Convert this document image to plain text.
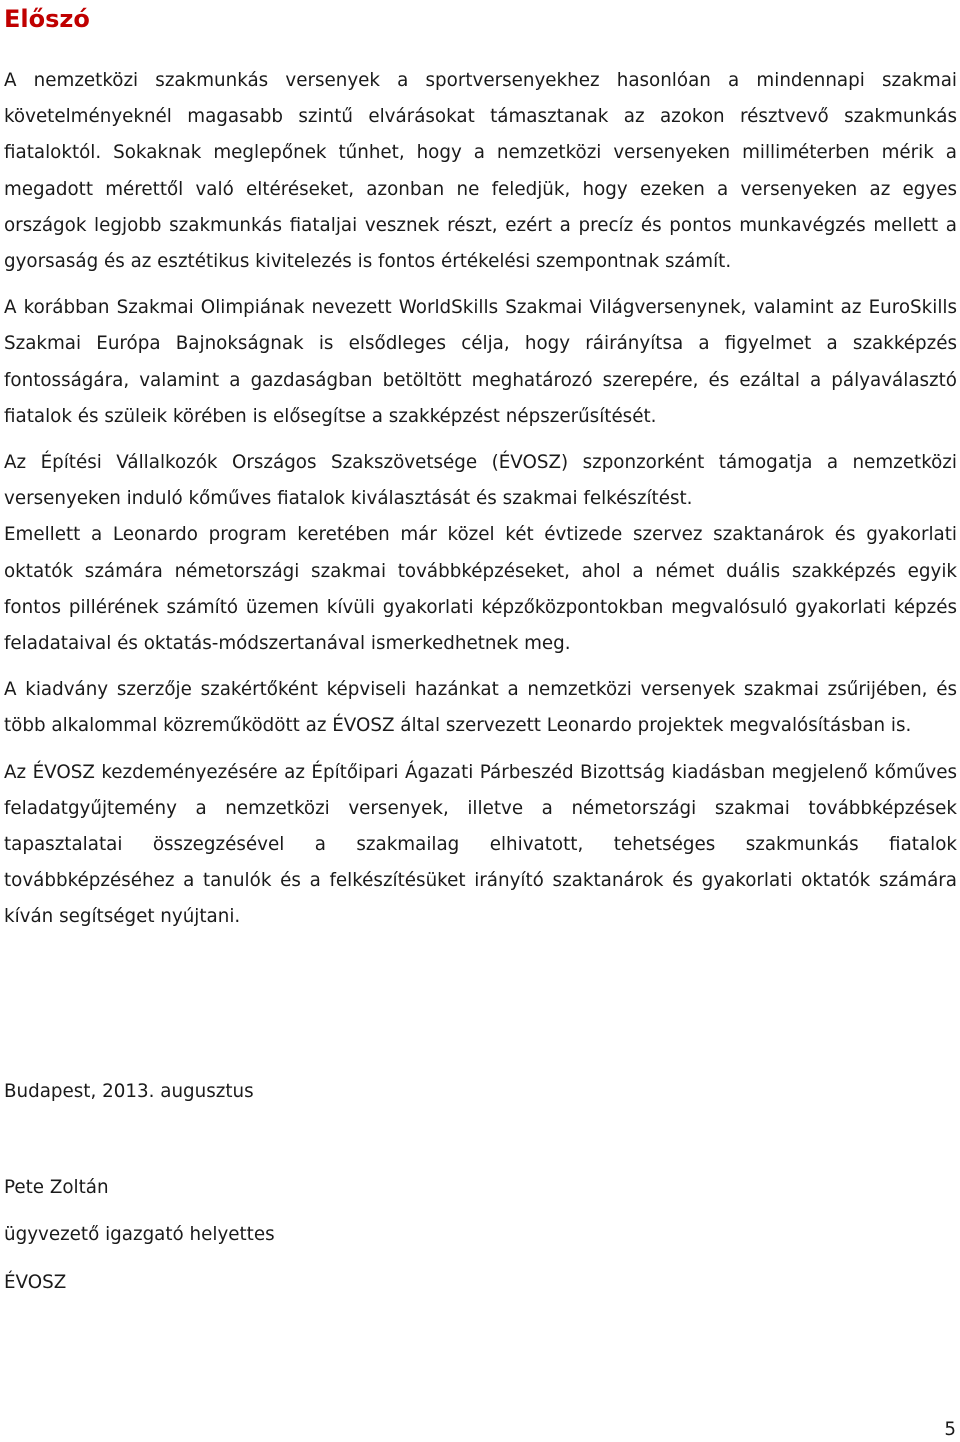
Előszó

A nemzetközi szakmunkás versenyek a sportversenyekhez hasonlóan a mindennapi szakmai követelményeknél magasabb szintű elvárásokat támasztanak az azokon résztvevő szakmunkás fiataloktól. Sokaknak meglepőnek tűnhet, hogy a nemzetközi versenyeken milliméterben mérik a megadott mérettől való eltéréseket, azonban ne feledjük, hogy ezeken a versenyeken az egyes országok legjobb szakmunkás fiataljai vesznek részt, ezért a precíz és pontos munkavégzés mellett a gyorsaság és az esztétikus kivitelezés is fontos értékelési szempontnak számít.

A korábban Szakmai Olimpiának nevezett WorldSkills Szakmai Világversenynek, valamint az EuroSkills Szakmai Európa Bajnokságnak is elsődleges célja, hogy ráirányítsa a figyelmet a szakképzés fontosságára, valamint a gazdaságban betöltött meghatározó szerepére, és ezáltal a pályaválasztó fiatalok és szüleik körében is elősegítse a szakképzést népszerűsítését.

Az Építési Vállalkozók Országos Szakszövetsége (ÉVOSZ) szponzorként támogatja a nemzetközi versenyeken induló kőműves fiatalok kiválasztását és szakmai felkészítést.

Emellett a Leonardo program keretében már közel két évtizede szervez szaktanárok és gyakorlati oktatók számára németországi szakmai továbbképzéseket, ahol a német duális szakképzés egyik fontos pillérének számító üzemen kívüli gyakorlati képzőközpontokban megvalósuló gyakorlati képzés feladataival és oktatás-módszertanával ismerkedhetnek meg.

A kiadvány szerzője szakértőként képviseli hazánkat a nemzetközi versenyek szakmai zsűrijében, és több alkalommal közreműködött az ÉVOSZ által szervezett Leonardo projektek megvalósításban is.

Az ÉVOSZ kezdeményezésére az Építőipari Ágazati Párbeszéd Bizottság kiadásban megjelenő kőműves feladatgyűjtemény a nemzetközi versenyek, illetve a németországi szakmai továbbképzések tapasztalatai összegzésével a szakmailag elhivatott, tehetséges szakmunkás fiatalok továbbképzéséhez a tanulók és a felkészítésüket irányító szaktanárok és gyakorlati oktatók számára kíván segítséget nyújtani.

Budapest, 2013. augusztus

Pete Zoltán

ügyvezető igazgató helyettes

ÉVOSZ

5
